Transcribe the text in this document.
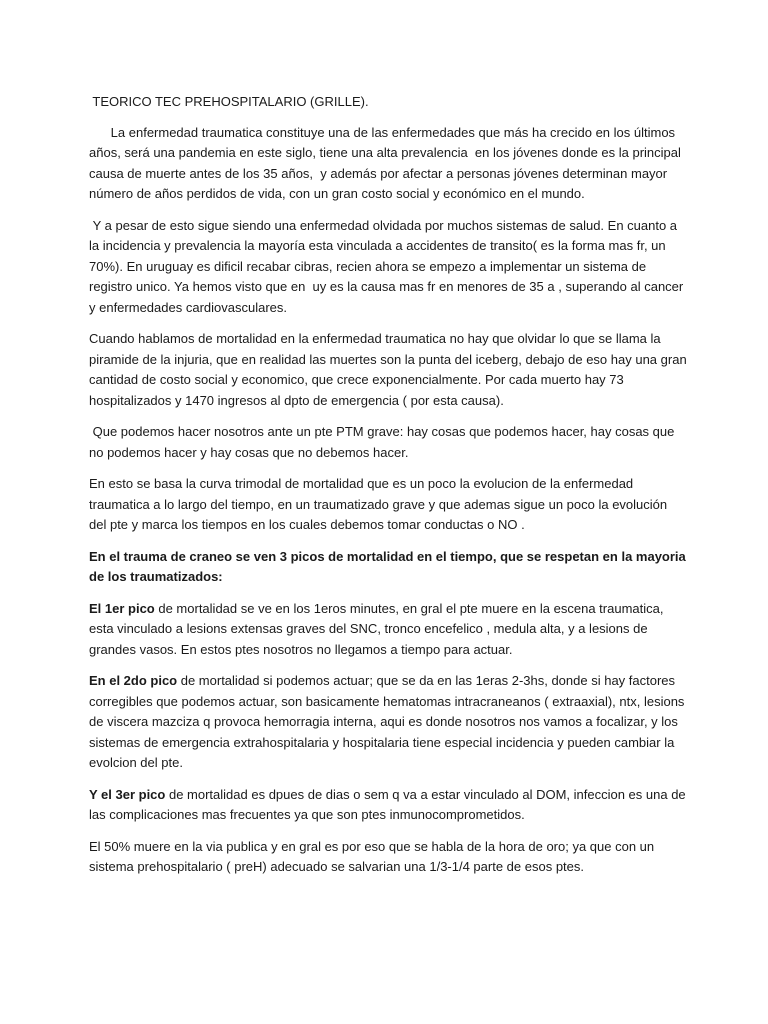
TEORICO TEC PREHOSPITALARIO (GRILLE).

La enfermedad traumatica constituye una de las enfermedades que más ha crecido en los últimos años, será una pandemia en este siglo, tiene una alta prevalencia  en los jóvenes donde es la principal causa de muerte antes de los 35 años,  y además por afectar a personas jóvenes determinan mayor número de años perdidos de vida, con un gran costo social y económico en el mundo.

Y a pesar de esto sigue siendo una enfermedad olvidada por muchos sistemas de salud. En cuanto a la incidencia y prevalencia la mayoría esta vinculada a accidentes de transito( es la forma mas fr, un 70%). En uruguay es dificil recabar cibras, recien ahora se empezo a implementar un sistema de registro unico. Ya hemos visto que en  uy es la causa mas fr en menores de 35 a , superando al cancer y enfermedades cardiovasculares.

Cuando hablamos de mortalidad en la enfermedad traumatica no hay que olvidar lo que se llama la piramide de la injuria, que en realidad las muertes son la punta del iceberg, debajo de eso hay una gran cantidad de costo social y economico, que crece exponencialmente. Por cada muerto hay 73 hospitalizados y 1470 ingresos al dpto de emergencia ( por esta causa).

Que podemos hacer nosotros ante un pte PTM grave: hay cosas que podemos hacer, hay cosas que no podemos hacer y hay cosas que no debemos hacer.

En esto se basa la curva trimodal de mortalidad que es un poco la evolucion de la enfermedad traumatica a lo largo del tiempo, en un traumatizado grave y que ademas sigue un poco la evolución del pte y marca los tiempos en los cuales debemos tomar conductas o NO .

En el trauma de craneo se ven 3 picos de mortalidad en el tiempo, que se respetan en la mayoria de los traumatizados:

El 1er pico de mortalidad se ve en los 1eros minutes, en gral el pte muere en la escena traumatica, esta vinculado a lesions extensas graves del SNC, tronco encefelico , medula alta, y a lesions de grandes vasos. En estos ptes nosotros no llegamos a tiempo para actuar.

En el 2do pico de mortalidad si podemos actuar; que se da en las 1eras 2-3hs, donde si hay factores corregibles que podemos actuar, son basicamente hematomas intracraneanos ( extraaxial), ntx, lesions de viscera mazciza q provoca hemorragia interna, aqui es donde nosotros nos vamos a focalizar, y los sistemas de emergencia extrahospitalaria y hospitalaria tiene especial incidencia y pueden cambiar la evolcion del pte.

Y el 3er pico de mortalidad es dpues de dias o sem q va a estar vinculado al DOM, infeccion es una de las complicaciones mas frecuentes ya que son ptes inmunocomprometidos.

El 50% muere en la via publica y en gral es por eso que se habla de la hora de oro; ya que con un sistema prehospitalario ( preH) adecuado se salvarian una 1/3-1/4 parte de esos ptes.
